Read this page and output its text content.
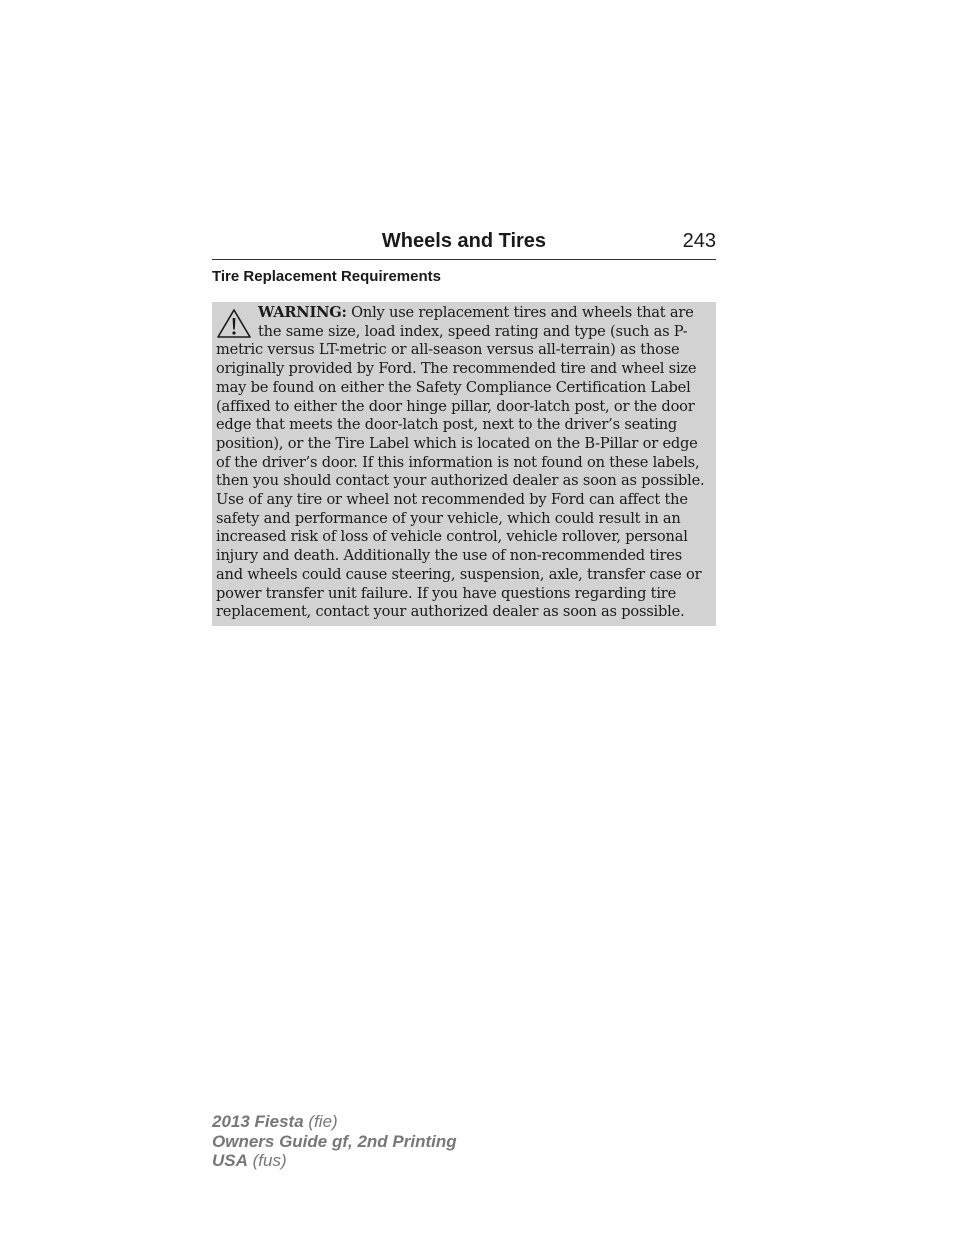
Wheels and Tires	243
Tire Replacement Requirements

WARNING: Only use replacement tires and wheels that are the same size, load index, speed rating and type (such as P-metric versus LT-metric or all-season versus all-terrain) as those originally provided by Ford. The recommended tire and wheel size may be found on either the Safety Compliance Certification Label (affixed to either the door hinge pillar, door-latch post, or the door edge that meets the door-latch post, next to the driver’s seating position), or the Tire Label which is located on the B-Pillar or edge of the driver’s door. If this information is not found on these labels, then you should contact your authorized dealer as soon as possible. Use of any tire or wheel not recommended by Ford can affect the safety and performance of your vehicle, which could result in an increased risk of loss of vehicle control, vehicle rollover, personal injury and death. Additionally the use of non-recommended tires and wheels could cause steering, suspension, axle, transfer case or power transfer unit failure. If you have questions regarding tire replacement, contact your authorized dealer as soon as possible.

2013 Fiesta (fie)
Owners Guide gf, 2nd Printing
USA (fus)
